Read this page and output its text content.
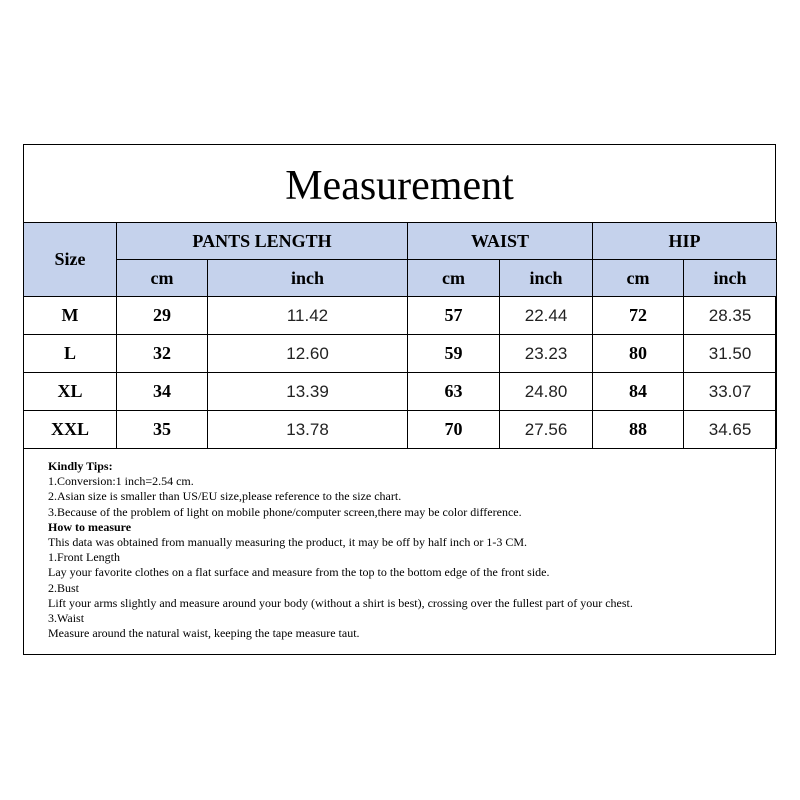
Measurement
Size	PANTS LENGTH		WAIST		HIP	
	cm	inch	cm	inch	cm	inch
M	29	11.42	57	22.44	72	28.35
L	32	12.60	59	23.23	80	31.50
XL	34	13.39	63	24.80	84	33.07
XXL	35	13.78	70	27.56	88	34.65
Kindly Tips:
1.Conversion:1 inch=2.54 cm.
2.Asian size is smaller than US/EU size,please reference to the size chart.
3.Because of the problem of light on mobile phone/computer screen,there may be color difference.
How to measure
This data was obtained from manually measuring the product, it may be off by half inch or 1-3 CM.
1.Front Length
Lay your favorite clothes on a flat surface and measure from the top to the bottom edge of the front side.
2.Bust
Lift your arms slightly and measure around your body (without a shirt is best), crossing over the fullest part of your chest.
3.Waist
Measure around the natural waist, keeping the tape measure taut.
